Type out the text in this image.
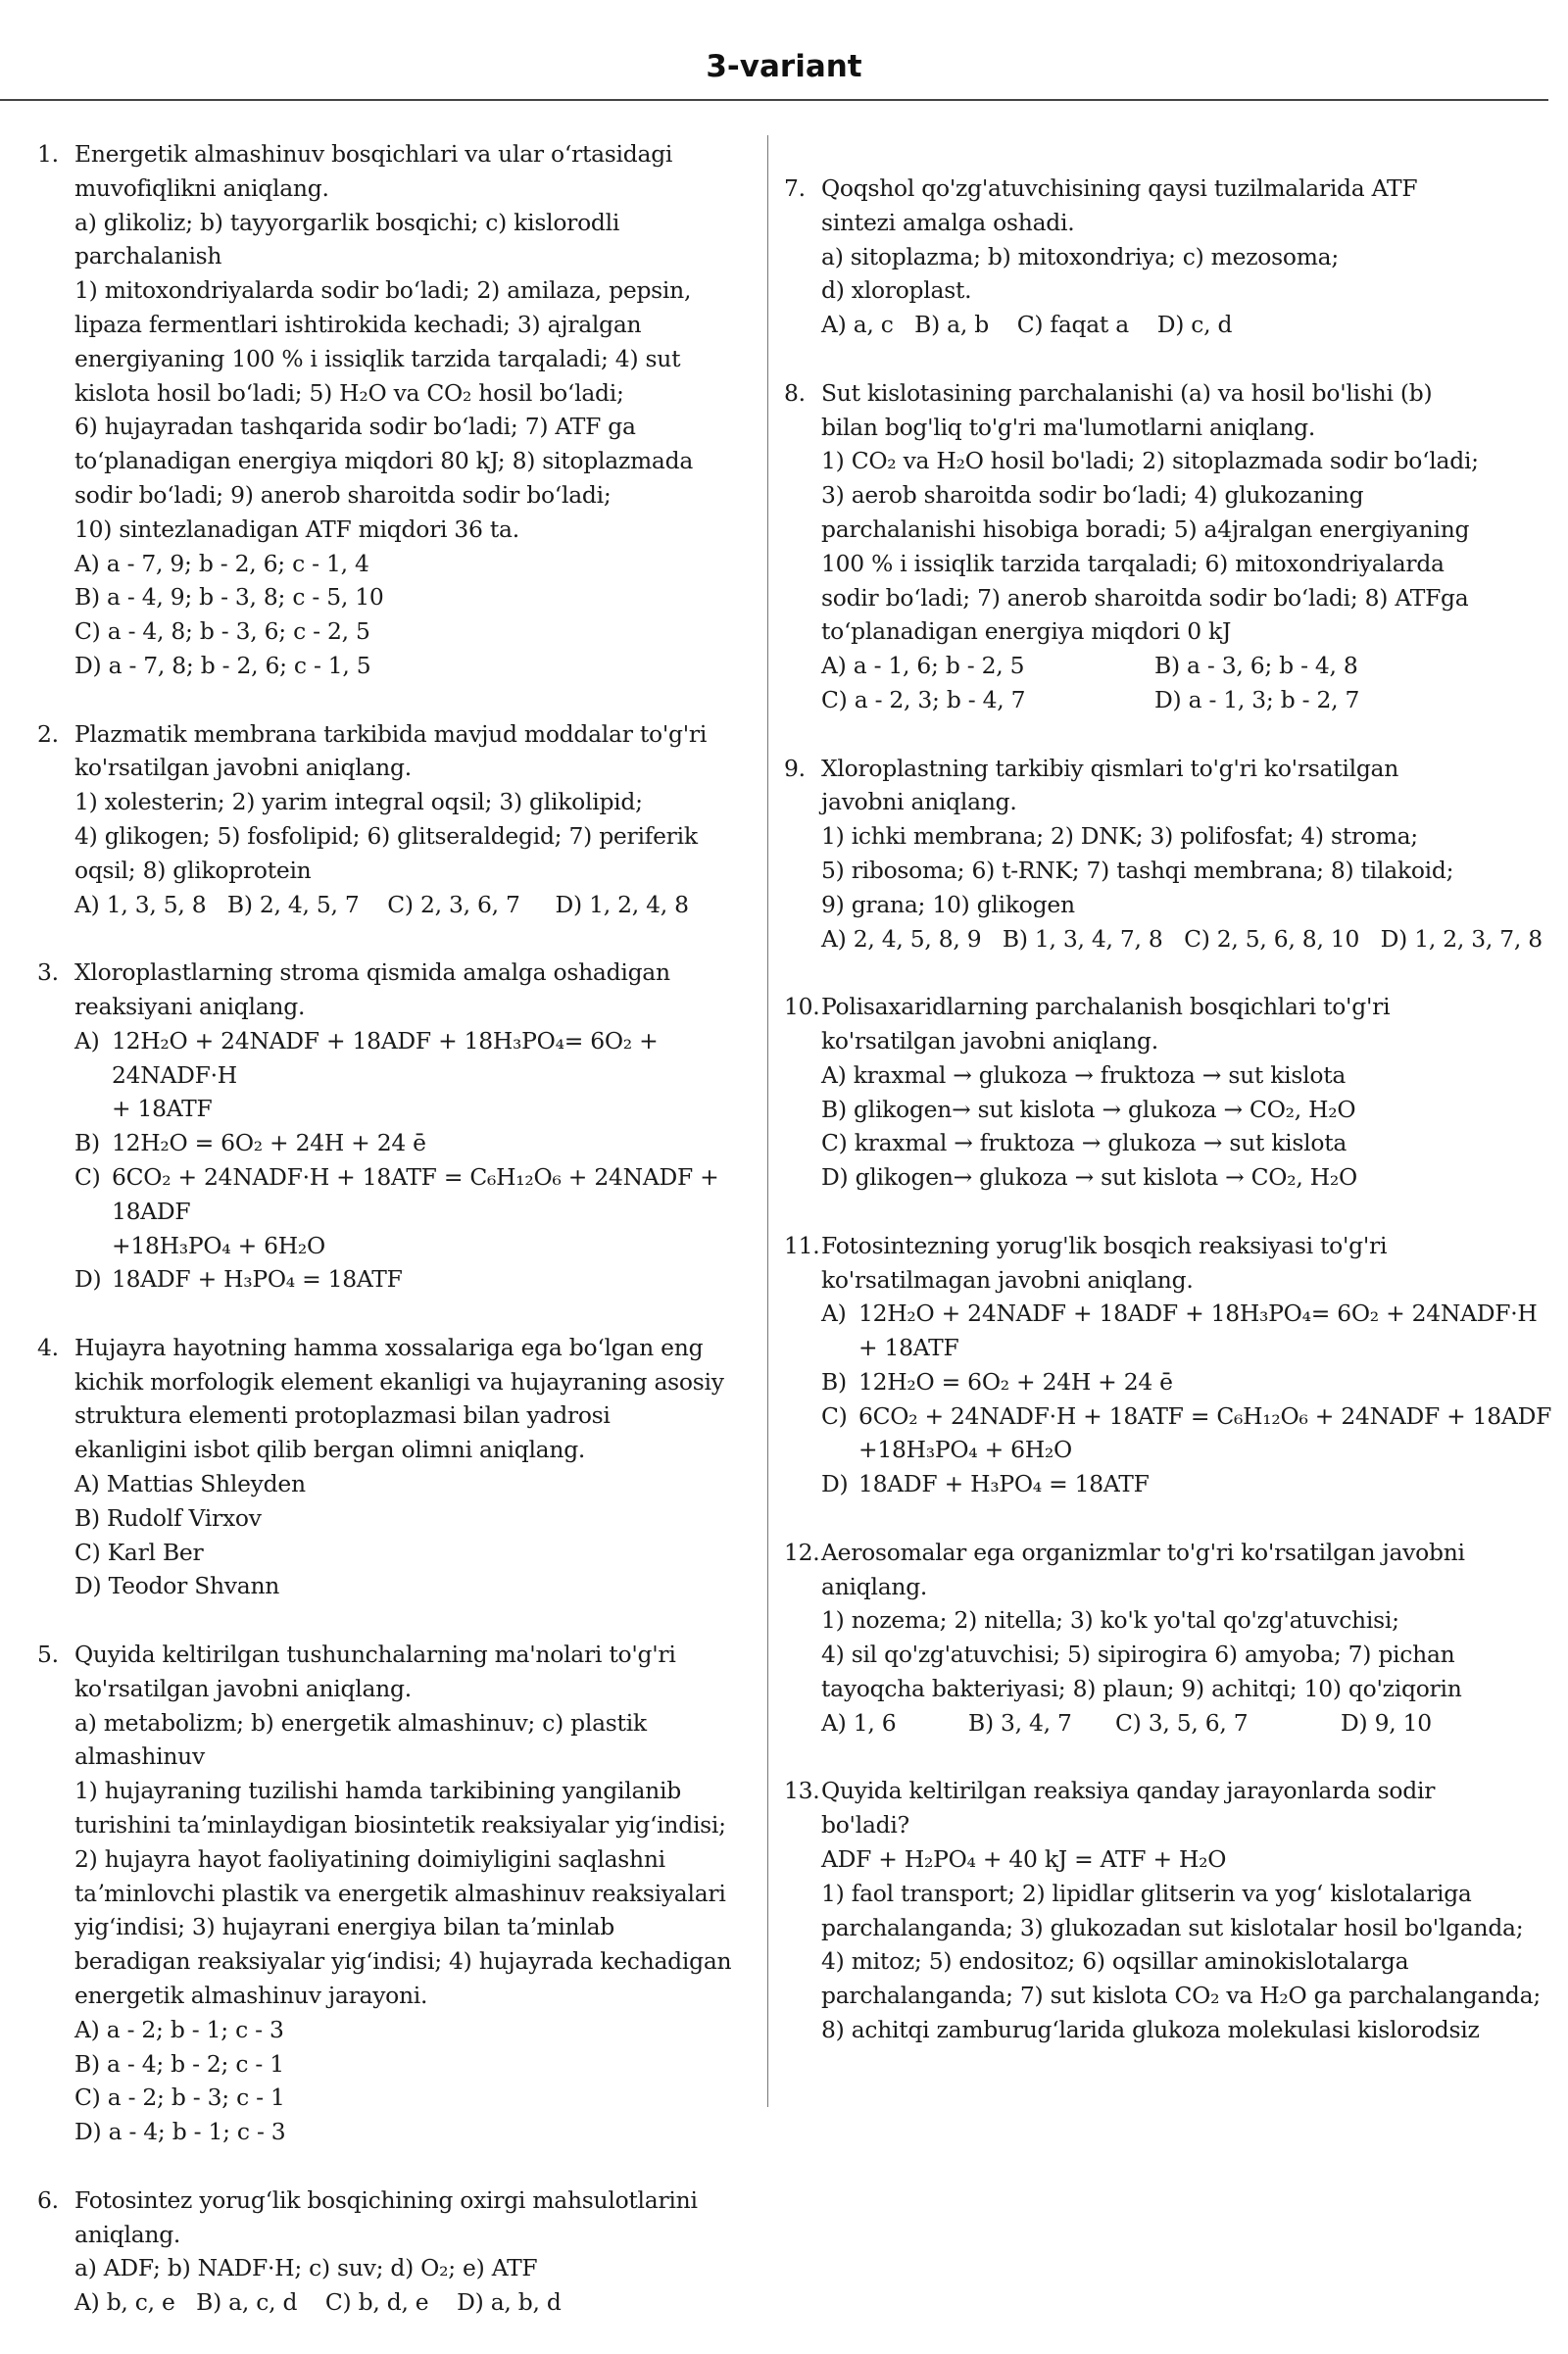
3-variant
1. Energetik almashinuv bosqichlari va ular oʻrtasidagi

muvofiqlikni aniqlang.

a) glikoliz; b) tayyorgarlik bosqichi; c) kislorodli

parchalanish

1) mitoxondriyalarda sodir boʻladi; 2) amilaza, pepsin,

lipaza fermentlari ishtirokida kechadi; 3) ajralgan

energiyaning 100 % i issiqlik tarzida tarqaladi; 4) sut

kislota hosil boʻladi; 5) H₂O va CO₂ hosil boʻladi;

6) hujayradan tashqarida sodir boʻladi; 7) ATF ga

toʻplanadigan energiya miqdori 80 kJ; 8) sitoplazmada

sodir boʻladi; 9) anerob sharoitda sodir boʻladi;

10) sintezlanadigan ATF miqdori 36 ta.

A) a - 7, 9; b - 2, 6; c - 1, 4
B) a - 4, 9; b - 3, 8; c - 5, 10
C) a - 4, 8; b - 3, 6; c - 2, 5
D) a - 7, 8; b - 2, 6; c - 1, 5
2. Plazmatik membrana tarkibida mavjud moddalar to'g'ri

ko'rsatilgan javobni aniqlang.

1) xolesterin; 2) yarim integral oqsil; 3) glikolipid;

4) glikogen; 5) fosfolipid; 6) glitseraldegid; 7) periferik

oqsil; 8) glikoprotein

A) 1, 3, 5, 8   B) 2, 4, 5, 7    C) 2, 3, 6, 7     D) 1, 2, 4, 8
3. Xloroplastlarning stroma qismida amalga oshadigan

reaksiyani aniqlang.

A) 12H₂O + 24NADF + 18ADF + 18H₃PO₄= 6O₂ + 24NADF·H
+ 18ATF
B) 12H₂O = 6O₂ + 24H + 24 ē
C) 6CO₂ + 24NADF·H + 18ATF = C₆H₁₂O₆ + 24NADF + 18ADF
+18H₃PO₄ + 6H₂O
D) 18ADF + H₃PO₄ = 18ATF
4. Hujayra hayotning hamma xossalariga ega boʻlgan eng

kichik morfologik element ekanligi va hujayraning asosiy

struktura elementi protoplazmasi bilan yadrosi

ekanligini isbot qilib bergan olimni aniqlang.

A) Mattias Shleyden
B) Rudolf Virxov
C) Karl Ber
D) Teodor Shvann
5. Quyida keltirilgan tushunchalarning ma'nolari to'g'ri

ko'rsatilgan javobni aniqlang.

a) metabolizm; b) energetik almashinuv; c) plastik

almashinuv

1) hujayraning tuzilishi hamda tarkibining yangilanib

turishini taʼminlaydigan biosintetik reaksiyalar yigʻindisi;

2) hujayra hayot faoliyatining doimiyligini saqlashni

taʼminlovchi plastik va energetik almashinuv reaksiyalari

yigʻindisi; 3) hujayrani energiya bilan taʼminlab

beradigan reaksiyalar yigʻindisi; 4) hujayrada kechadigan

energetik almashinuv jarayoni.

A) a - 2; b - 1; c - 3
B) a - 4; b - 2; c - 1
C) a - 2; b - 3; c - 1
D) a - 4; b - 1; c - 3
6. Fotosintez yorugʻlik bosqichining oxirgi mahsulotlarini

aniqlang.

a) ADF; b) NADF·H; c) suv; d) O₂; e) ATF

A) b, c, e   B) a, c, d    C) b, d, e    D) a, b, d
7. Qoqshol qo'zg'atuvchisining qaysi tuzilmalarida ATF

sintezi amalga oshadi.

a) sitoplazma; b) mitoxondriya; c) mezosoma;

d) xloroplast.

A) a, c   B) a, b    C) faqat a    D) c, d
8. Sut kislotasining parchalanishi (a) va hosil bo'lishi (b)

bilan bog'liq to'g'ri ma'lumotlarni aniqlang.

1) CO₂ va H₂O hosil bo'ladi; 2) sitoplazmada sodir boʻladi;

3) aerob sharoitda sodir boʻladi; 4) glukozaning

parchalanishi hisobiga boradi; 5) a4jralgan energiyaning

100 % i issiqlik tarzida tarqaladi; 6) mitoxondriyalarda

sodir boʻladi; 7) anerob sharoitda sodir boʻladi; 8) ATFga

toʻplanadigan energiya miqdori 0 kJ

A) a - 1, 6; b - 2, 5	B) a - 3, 6; b - 4, 8
C) a - 2, 3; b - 4, 7	D) a - 1, 3; b - 2, 7
9. Xloroplastning tarkibiy qismlari to'g'ri ko'rsatilgan

javobni aniqlang.

1) ichki membrana; 2) DNK; 3) polifosfat; 4) stroma;

5) ribosoma; 6) t-RNK; 7) tashqi membrana; 8) tilakoid;

9) grana; 10) glikogen

A) 2, 4, 5, 8, 9   B) 1, 3, 4, 7, 8   C) 2, 5, 6, 8, 10   D) 1, 2, 3, 7, 8
10. Polisaxaridlarning parchalanish bosqichlari to'g'ri

ko'rsatilgan javobni aniqlang.

A) kraxmal → glukoza → fruktoza → sut kislota

B) glikogen→ sut kislota → glukoza → CO₂, H₂O

C) kraxmal → fruktoza → glukoza → sut kislota

D) glikogen→ glukoza → sut kislota → CO₂, H₂O

11. Fotosintezning yorug'lik bosqich reaksiyasi to'g'ri

ko'rsatilmagan javobni aniqlang.

A) 12H₂O + 24NADF + 18ADF + 18H₃PO₄= 6O₂ + 24NADF·H
+ 18ATF
B) 12H₂O = 6O₂ + 24H + 24 ē
C) 6CO₂ + 24NADF·H + 18ATF = C₆H₁₂O₆ + 24NADF + 18ADF
+18H₃PO₄ + 6H₂O
D) 18ADF + H₃PO₄ = 18ATF
12. Aerosomalar ega organizmlar to'g'ri ko'rsatilgan javobni

aniqlang.

1) nozema; 2) nitella; 3) ko'k yo'tal qo'zg'atuvchisi;

4) sil qo'zg'atuvchisi; 5) sipirogira 6) amyoba; 7) pichan

tayoqcha bakteriyasi; 8) plaun; 9) achitqi; 10) qo'ziqorin

A) 1, 6	B) 3, 4, 7	C) 3, 5, 6, 7	D) 9, 10
13. Quyida keltirilgan reaksiya qanday jarayonlarda sodir

bo'ladi?

ADF + H₂PO₄ + 40 kJ = ATF + H₂O

1) faol transport; 2) lipidlar glitserin va yogʻ kislotalariga

parchalanganda; 3) glukozadan sut kislotalar hosil bo'lganda;

4) mitoz; 5) endositoz; 6) oqsillar aminokislotalarga

parchalanganda; 7) sut kislota CO₂ va H₂O ga parchalanganda;

8) achitqi zamburugʻlarida glukoza molekulasi kislorodsiz
